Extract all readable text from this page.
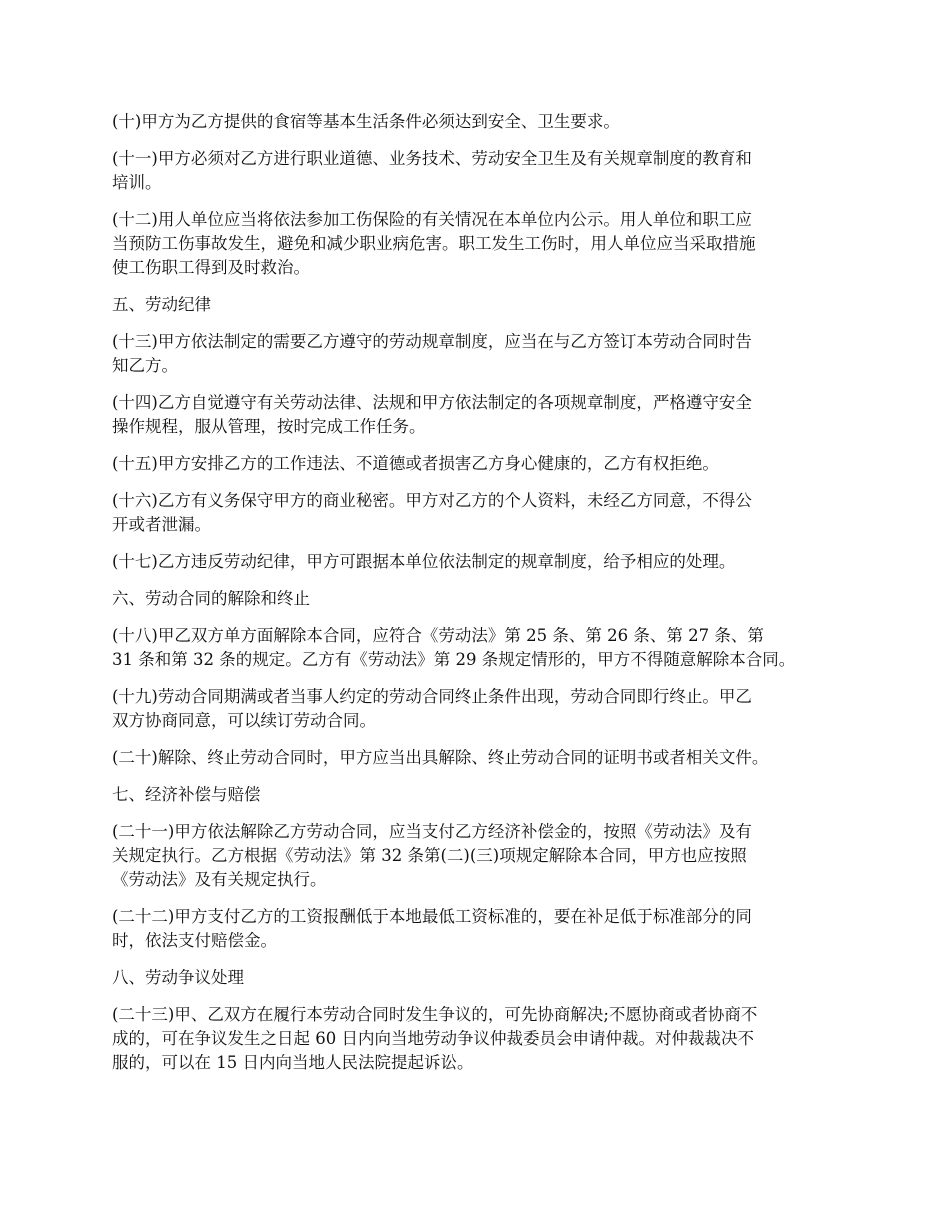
(十)甲方为乙方提供的食宿等基本生活条件必须达到安全、卫生要求。
(十一)甲方必须对乙方进行职业道德、业务技术、劳动安全卫生及有关规章制度的教育和
培训。
(十二)用人单位应当将依法参加工伤保险的有关情况在本单位内公示。用人单位和职工应
当预防工伤事故发生，避免和减少职业病危害。职工发生工伤时，用人单位应当采取措施
使工伤职工得到及时救治。
五、劳动纪律
(十三)甲方依法制定的需要乙方遵守的劳动规章制度，应当在与乙方签订本劳动合同时告
知乙方。
(十四)乙方自觉遵守有关劳动法律、法规和甲方依法制定的各项规章制度，严格遵守安全
操作规程，服从管理，按时完成工作任务。
(十五)甲方安排乙方的工作违法、不道德或者损害乙方身心健康的，乙方有权拒绝。
(十六)乙方有义务保守甲方的商业秘密。甲方对乙方的个人资料，未经乙方同意，不得公
开或者泄漏。
(十七)乙方违反劳动纪律，甲方可跟据本单位依法制定的规章制度，给予相应的处理。
六、劳动合同的解除和终止
(十八)甲乙双方单方面解除本合同，应符合《劳动法》第 25 条、第 26 条、第 27 条、第
31 条和第 32 条的规定。乙方有《劳动法》第 29 条规定情形的，甲方不得随意解除本合同。
(十九)劳动合同期满或者当事人约定的劳动合同终止条件出现，劳动合同即行终止。甲乙
双方协商同意，可以续订劳动合同。
(二十)解除、终止劳动合同时，甲方应当出具解除、终止劳动合同的证明书或者相关文件。
七、经济补偿与赔偿
(二十一)甲方依法解除乙方劳动合同，应当支付乙方经济补偿金的，按照《劳动法》及有
关规定执行。乙方根据《劳动法》第 32 条第(二)(三)项规定解除本合同，甲方也应按照
《劳动法》及有关规定执行。
(二十二)甲方支付乙方的工资报酬低于本地最低工资标准的，要在补足低于标准部分的同
时，依法支付赔偿金。
八、劳动争议处理
(二十三)甲、乙双方在履行本劳动合同时发生争议的，可先协商解决;不愿协商或者协商不
成的，可在争议发生之日起 60 日内向当地劳动争议仲裁委员会申请仲裁。对仲裁裁决不
服的，可以在 15 日内向当地人民法院提起诉讼。
